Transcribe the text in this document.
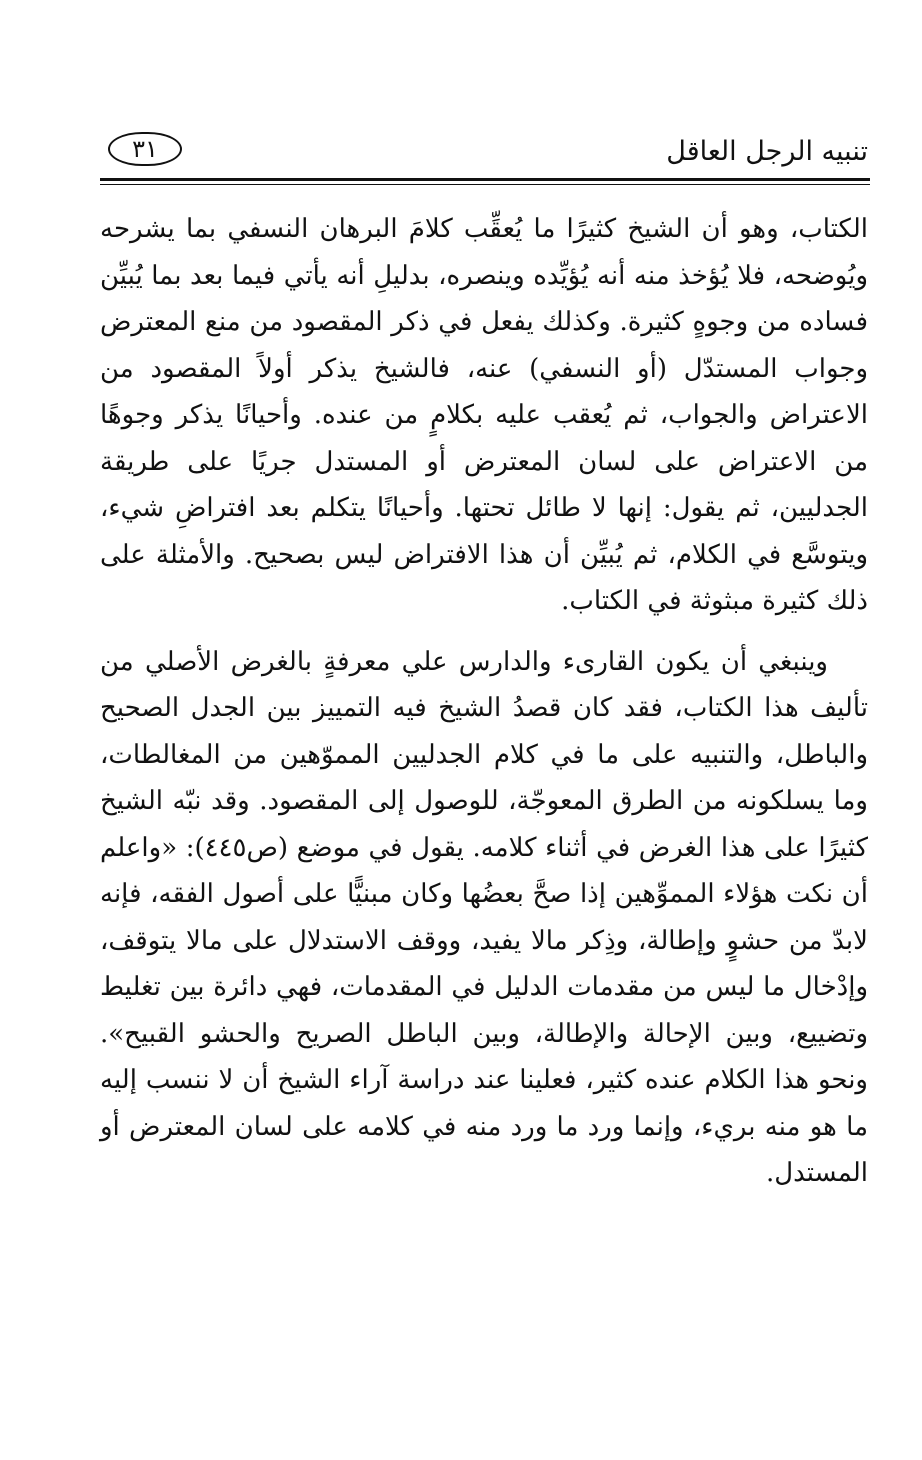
تنبيه الرجل العاقل
٣١

الكتاب، وهو أن الشيخ كثيرًا ما يُعقِّب كلامَ البرهان النسفي بما يشرحه ويُوضحه، فلا يُؤخذ منه أنه يُؤيِّده وينصره، بدليلِ أنه يأتي فيما بعد بما يُبيِّن فساده من وجوهٍ كثيرة. وكذلك يفعل في ذكر المقصود من منع المعترض وجواب المستدّل (أو النسفي) عنه، فالشيخ يذكر أولاً المقصود من الاعتراض والجواب، ثم يُعقب عليه بكلامٍ من عنده. وأحيانًا يذكر وجوهًا من الاعتراض على لسان المعترض أو المستدل جريًا على طريقة الجدليين، ثم يقول: إنها لا طائل تحتها. وأحيانًا يتكلم بعد افتراضِ شيء، ويتوسَّع في الكلام، ثم يُبيِّن أن هذا الافتراض ليس بصحيح. والأمثلة على ذلك كثيرة مبثوثة في الكتاب.

وينبغي أن يكون القارىء والدارس علي معرفةٍ بالغرض الأصلي من تأليف هذا الكتاب، فقد كان قصدُ الشيخ فيه التمييز بين الجدل الصحيح والباطل، والتنبيه على ما في كلام الجدليين المموّهين من المغالطات، وما يسلكونه من الطرق المعوجّة، للوصول إلى المقصود. وقد نبّه الشيخ كثيرًا على هذا الغرض في أثناء كلامه. يقول في موضع (ص٤٤٥): «واعلم أن نكت هؤلاء المموِّهين إذا صحَّ بعضُها وكان مبنيًّا على أصول الفقه، فإنه لابدّ من حشوٍ وإطالة، وذِكر مالا يفيد، ووقف الاستدلال على مالا يتوقف، وإدْخال ما ليس من مقدمات الدليل في المقدمات، فهي دائرة بين تغليط وتضييع، وبين الإحالة والإطالة، وبين الباطل الصريح والحشو القبيح». ونحو هذا الكلام عنده كثير، فعلينا عند دراسة آراء الشيخ أن لا ننسب إليه ما هو منه بريء، وإنما ورد ما ورد منه في كلامه على لسان المعترض أو المستدل.
